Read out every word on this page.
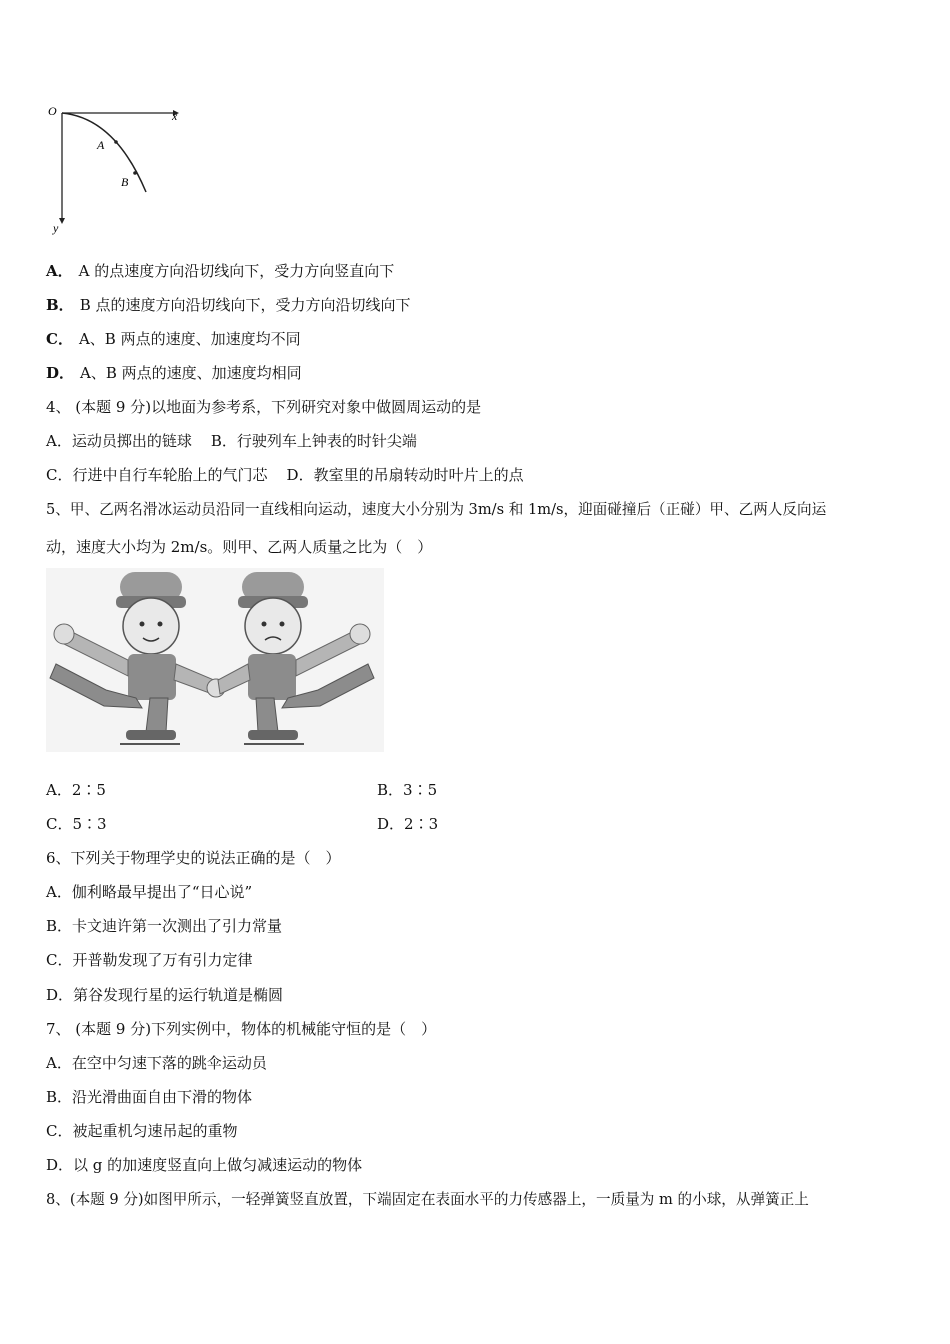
O	x
y
A
B
A． A 的点速度方向沿切线向下，受力方向竖直向下
B． B 点的速度方向沿切线向下，受力方向沿切线向下
C． A、B 两点的速度、加速度均不同
D． A、B 两点的速度、加速度均相同
4、 (本题 9 分)以地面为参考系，下列研究对象中做圆周运动的是
A．运动员掷出的链球    B．行驶列车上钟表的时针尖端
C．行进中自行车轮胎上的气门芯    D．教室里的吊扇转动时叶片上的点
5、甲、乙两名滑冰运动员沿同一直线相向运动，速度大小分别为 3m/s 和 1m/s，迎面碰撞后（正碰）甲、乙两人反向运
动，速度大小均为 2m/s。则甲、乙两人质量之比为（　）
A．2∶5	B．3∶5
C．5∶3	D．2∶3
6、下列关于物理学史的说法正确的是（　）
A．伽利略最早提出了“日心说”
B．卡文迪许第一次测出了引力常量
C．开普勒发现了万有引力定律
D．第谷发现行星的运行轨道是椭圆
7、 (本题 9 分)下列实例中，物体的机械能守恒的是（　）
A．在空中匀速下落的跳伞运动员
B．沿光滑曲面自由下滑的物体
C．被起重机匀速吊起的重物
D．以 g 的加速度竖直向上做匀减速运动的物体
8、(本题 9 分)如图甲所示，一轻弹簧竖直放置，下端固定在表面水平的力传感器上，一质量为 m 的小球，从弹簧正上
